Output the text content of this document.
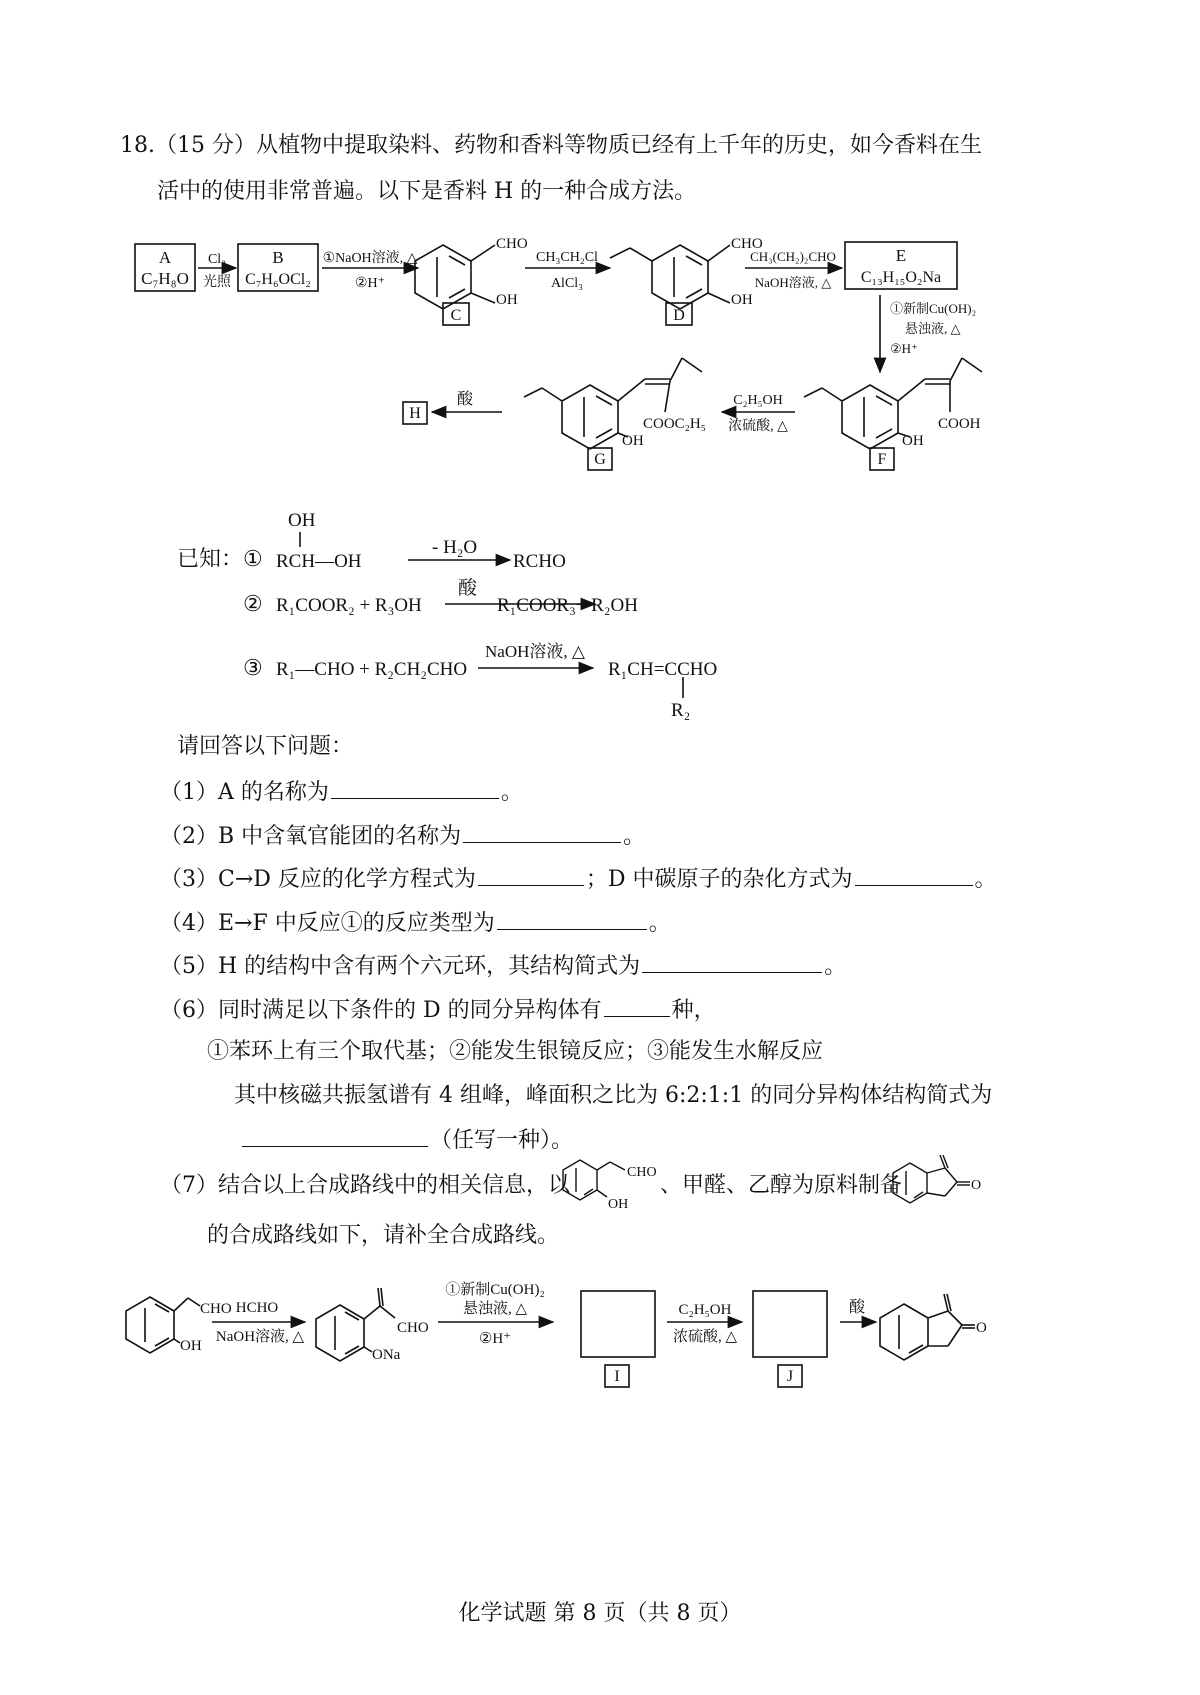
18.（15 分）从植物中提取染料、药物和香料等物质已经有上千年的历史，如今香料在生
活中的使用非常普遍。以下是香料 H 的一种合成方法。
A
C₇H₈O
Cl₂
光照
B
C₇H₆OCl₂
①NaOH溶液, △
②H⁺
CHO
OH
C
CH₃CH₂Cl
AlCl₃
CHO
OH
D
CH₃(CH₂)₂CHO
NaOH溶液, △
E
C₁₃H₁₅O₂Na
①新制Cu(OH)₂
悬浊液, △
②H⁺
COOH
OH
F
C₂H₅OH
浓硫酸, △
COOC₂H₅
OH
G
酸
H
已知： ①
OH
RCH—OH
- H₂O
RCHO
② R₁COOR₂ + R₃OH
酸
R₁COOR₃+ R₂OH
③ R₁—CHO + R₂CH₂CHO
NaOH溶液, △
R₁CH=CCHO
R₂
请回答以下问题：
（1）A 的名称为	。
（2）B 中含氧官能团的名称为	。
（3）C→D 反应的化学方程式为	；D 中碳原子的杂化方式为	。
（4）E→F 中反应①的反应类型为	。
（5）H 的结构中含有两个六元环，其结构简式为	。
（6）同时满足以下条件的 D 的同分异构体有	种，
①苯环上有三个取代基；②能发生银镜反应；③能发生水解反应
其中核磁共振氢谱有 4 组峰，峰面积之比为 6:2:1:1 的同分异构体结构简式为
（任写一种）。
（7）结合以上合成路线中的相关信息，以	、甲醛、乙醇为原料制备
的合成路线如下，请补全合成路线。
CHO
OH
O
CHO
OH
HCHO
NaOH溶液, △
CHO
ONa
①新制Cu(OH)₂
悬浊液, △
②H⁺
I
C₂H₅OH
浓硫酸, △
J
酸
O
化学试题 第 8 页（共 8 页）
